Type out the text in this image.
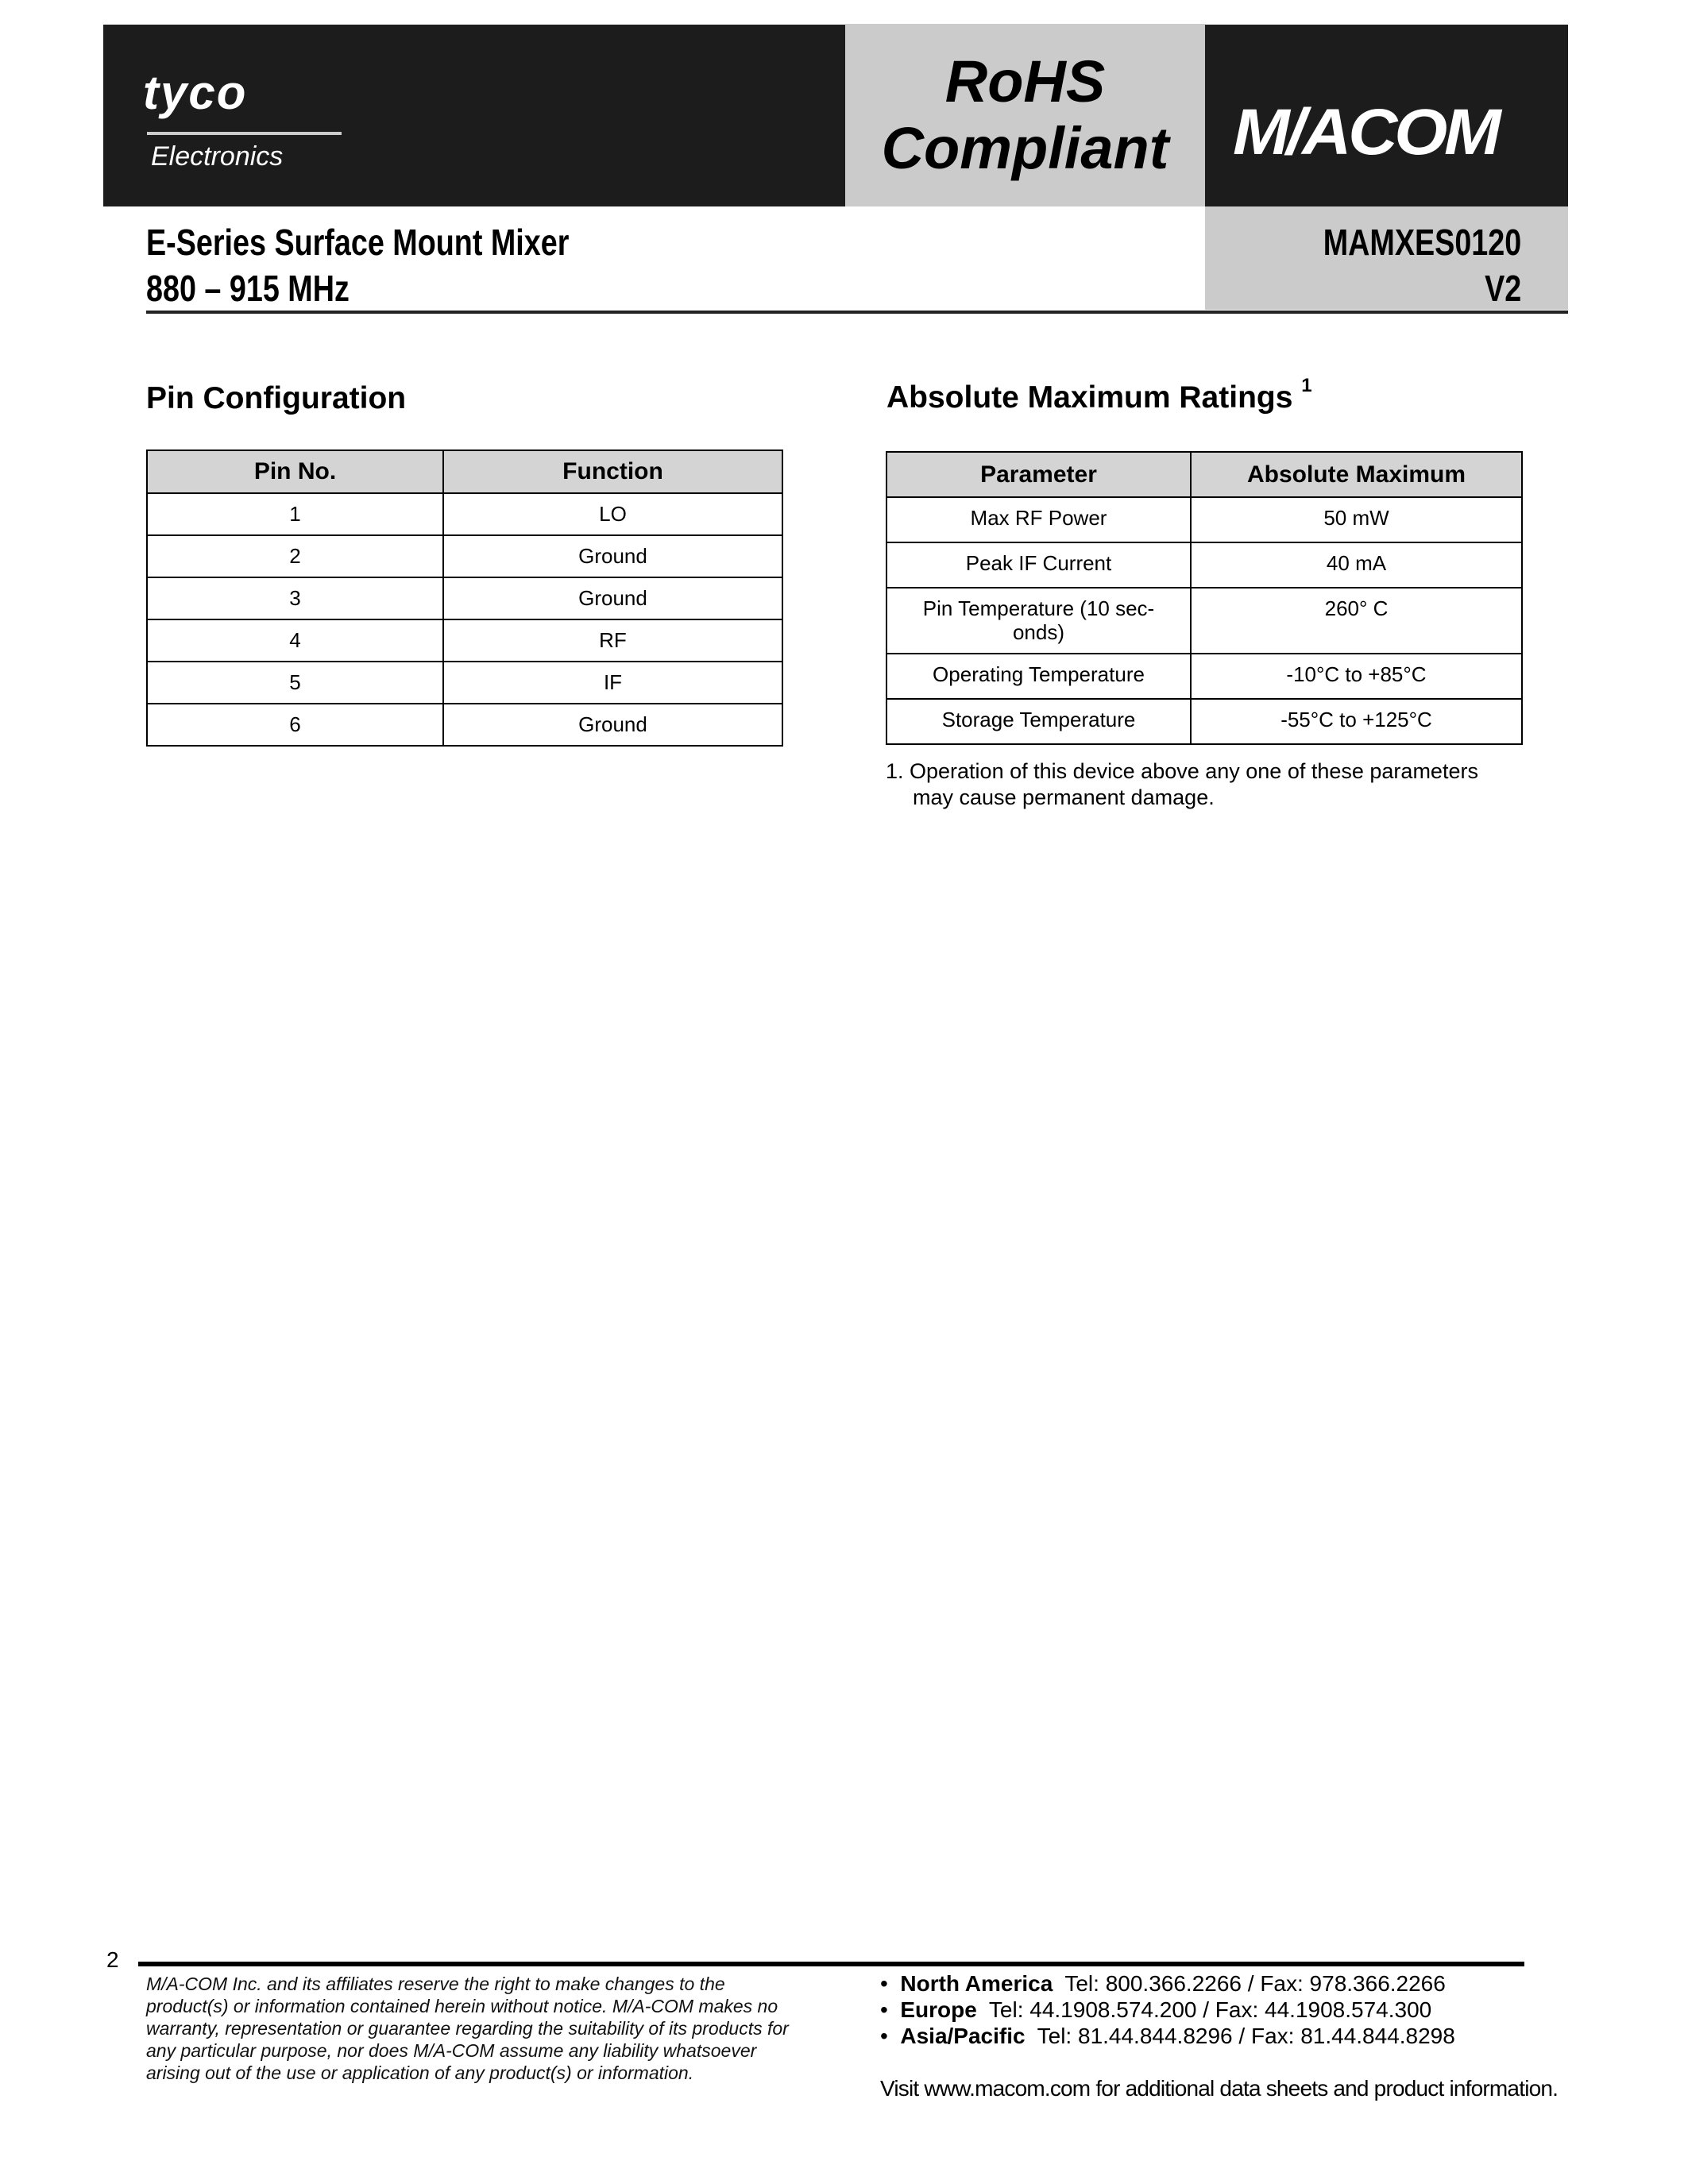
tyco
Electronics
RoHS
Compliant M/ACOM
E-Series Surface Mount Mixer
880 – 915 MHz
MAMXES0120
V2
Pin Configuration
Pin No.	Function
1	LO
2	Ground
3	Ground
4	RF
5	IF
6	Ground
Absolute Maximum Ratings $^1$
Parameter	Absolute Maximum
Max RF Power	50 mW
Peak IF Current	40 mA
Pin Temperature (10 sec-onds)	260° C
Operating Temperature	-10°C to +85°C
Storage Temperature	-55°C to +125°C
1. Operation of this device above any one of these parameters may cause permanent damage.
2
M/A-COM Inc. and its affiliates reserve the right to make changes to the product(s) or information contained herein without notice. M/A-COM makes no warranty, representation or guarantee regarding the suitability of its products for any particular purpose, nor does M/A-COM assume any liability whatsoever arising out of the use or application of any product(s) or information.
•  North America Tel: 800.366.2266 / Fax: 978.366.2266
•  Europe Tel: 44.1908.574.200 / Fax: 44.1908.574.300
•  Asia/Pacific Tel: 81.44.844.8296 / Fax: 81.44.844.8298
Visit www.macom.com for additional data sheets and product information.
